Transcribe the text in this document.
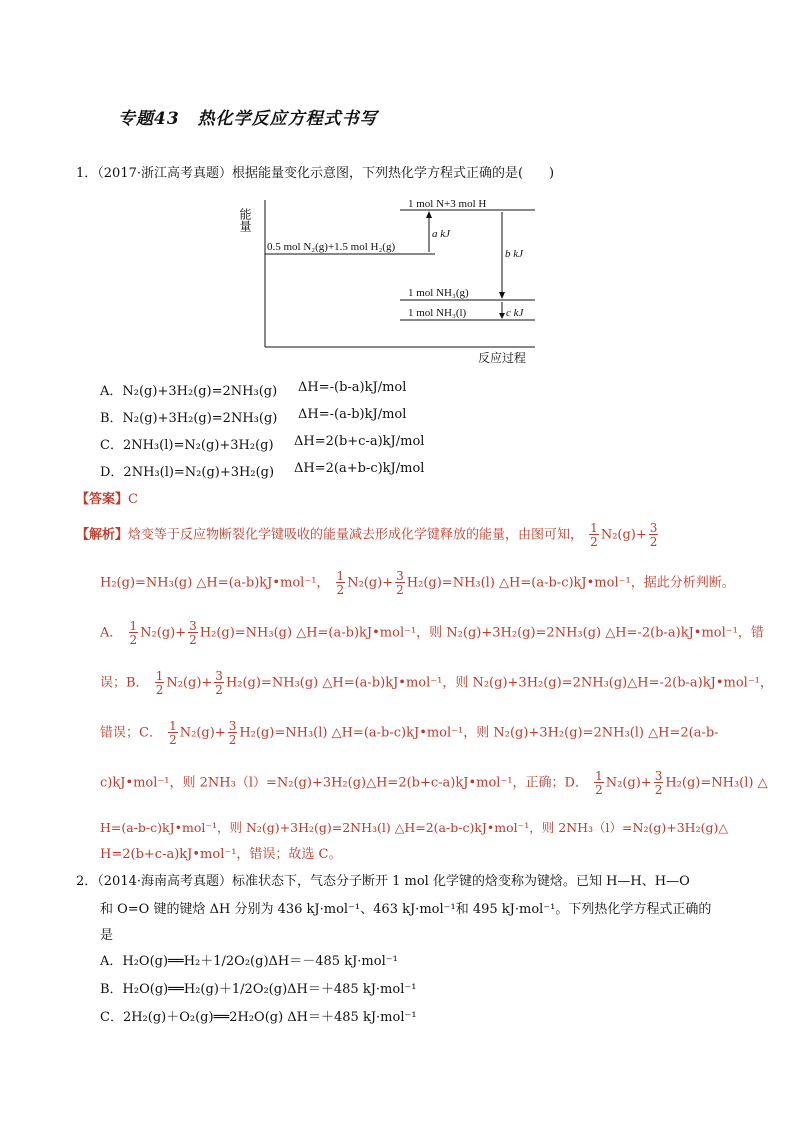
专题43　热化学反应方程式书写
1．（2017·浙江高考真题）根据能量变化示意图，下列热化学方程式正确的是(　　)
能量
1 mol N+3 mol H
0.5 mol N₂(g)+1.5 mol H₂(g)
1 mol NH₃(g)
1 mol NH₃(l)
a kJ
b kJ
c kJ
反应过程
A．N₂(g)+3H₂(g)=2NH₃(g) ΔH=-(b-a)kJ/mol
B．N₂(g)+3H₂(g)=2NH₃(g) ΔH=-(a-b)kJ/mol
C．2NH₃(l)=N₂(g)+3H₂(g) ΔH=2(b+c-a)kJ/mol
D．2NH₃(l)=N₂(g)+3H₂(g) ΔH=2(a+b-c)kJ/mol
【答案】C
【解析】焓变等于反应物断裂化学键吸收的能量减去形成化学键释放的能量，由图可知， $\frac{1}{2} N_2(g)+ \frac{3}{2}$
H₂(g)=NH₃(g) △H=(a-b)kJ•mol⁻¹， $\frac{1}{2} N_2(g)+ \frac{3}{2} H_2(g)=NH_3(l)$ △H=(a-b-c)kJ•mol⁻¹，据此分析判断。
A． $\frac{1}{2} N_2(g)+ \frac{3}{2} H_2(g)=NH_3(g)$ △H=(a-b)kJ•mol⁻¹，则 N₂(g)+3H₂(g)=2NH₃(g) △H=-2(b-a)kJ•mol⁻¹，错
误；B． $\frac{1}{2} N_2(g)+ \frac{3}{2} H_2(g)=NH_3(g)$ △H=(a-b)kJ•mol⁻¹，则 N₂(g)+3H₂(g)=2NH₃(g)△H=-2(b-a)kJ•mol⁻¹，
错误；C． $\frac{1}{2} N_2(g)+ \frac{3}{2} H_2(g)=NH_3(l)$ △H=(a-b-c)kJ•mol⁻¹，则 N₂(g)+3H₂(g)=2NH₃(l) △H=2(a-b-
c)kJ•mol⁻¹，则 2NH₃（l）=N₂(g)+3H₂(g)△H=2(b+c-a)kJ•mol⁻¹，正确；D． $\frac{1}{2} N_2(g)+ \frac{3}{2} H_2(g)=NH_3(l)$ △
H=(a-b-c)kJ•mol⁻¹，则 N₂(g)+3H₂(g)=2NH₃(l) △H=2(a-b-c)kJ•mol⁻¹，则 2NH₃（l）=N₂(g)+3H₂(g)△
H=2(b+c-a)kJ•mol⁻¹，错误；故选 C。
2．（2014·海南高考真题）标准状态下，气态分子断开 1 mol 化学键的焓变称为键焓。已知 H—H、H—O
和 O=O 键的键焓 ΔH 分别为 436 kJ·mol⁻¹、463 kJ·mol⁻¹和 495 kJ·mol⁻¹。下列热化学方程式正确的
是
A．H₂O(g)══H₂＋1/2O₂(g)ΔH＝－485 kJ·mol⁻¹
B．H₂O(g)══H₂(g)＋1/2O₂(g)ΔH＝＋485 kJ·mol⁻¹
C．2H₂(g)＋O₂(g)══2H₂O(g) ΔH＝＋485 kJ·mol⁻¹
